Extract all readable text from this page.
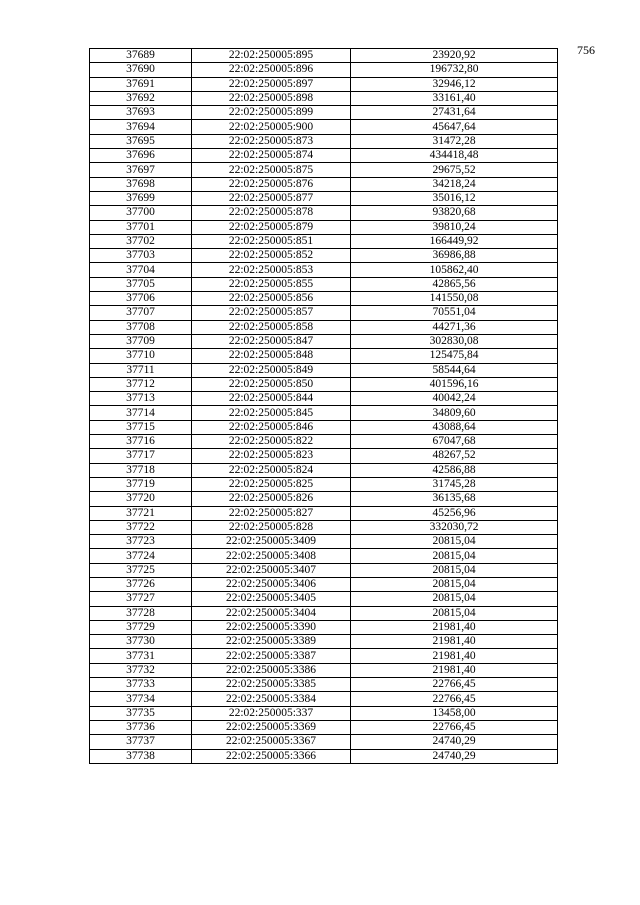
756
37689	22:02:250005:895	23920,92
37690	22:02:250005:896	196732,80
37691	22:02:250005:897	32946,12
37692	22:02:250005:898	33161,40
37693	22:02:250005:899	27431,64
37694	22:02:250005:900	45647,64
37695	22:02:250005:873	31472,28
37696	22:02:250005:874	434418,48
37697	22:02:250005:875	29675,52
37698	22:02:250005:876	34218,24
37699	22:02:250005:877	35016,12
37700	22:02:250005:878	93820,68
37701	22:02:250005:879	39810,24
37702	22:02:250005:851	166449,92
37703	22:02:250005:852	36986,88
37704	22:02:250005:853	105862,40
37705	22:02:250005:855	42865,56
37706	22:02:250005:856	141550,08
37707	22:02:250005:857	70551,04
37708	22:02:250005:858	44271,36
37709	22:02:250005:847	302830,08
37710	22:02:250005:848	125475,84
37711	22:02:250005:849	58544,64
37712	22:02:250005:850	401596,16
37713	22:02:250005:844	40042,24
37714	22:02:250005:845	34809,60
37715	22:02:250005:846	43088,64
37716	22:02:250005:822	67047,68
37717	22:02:250005:823	48267,52
37718	22:02:250005:824	42586,88
37719	22:02:250005:825	31745,28
37720	22:02:250005:826	36135,68
37721	22:02:250005:827	45256,96
37722	22:02:250005:828	332030,72
37723	22:02:250005:3409	20815,04
37724	22:02:250005:3408	20815,04
37725	22:02:250005:3407	20815,04
37726	22:02:250005:3406	20815,04
37727	22:02:250005:3405	20815,04
37728	22:02:250005:3404	20815,04
37729	22:02:250005:3390	21981,40
37730	22:02:250005:3389	21981,40
37731	22:02:250005:3387	21981,40
37732	22:02:250005:3386	21981,40
37733	22:02:250005:3385	22766,45
37734	22:02:250005:3384	22766,45
37735	22:02:250005:337	13458,00
37736	22:02:250005:3369	22766,45
37737	22:02:250005:3367	24740,29
37738	22:02:250005:3366	24740,29
